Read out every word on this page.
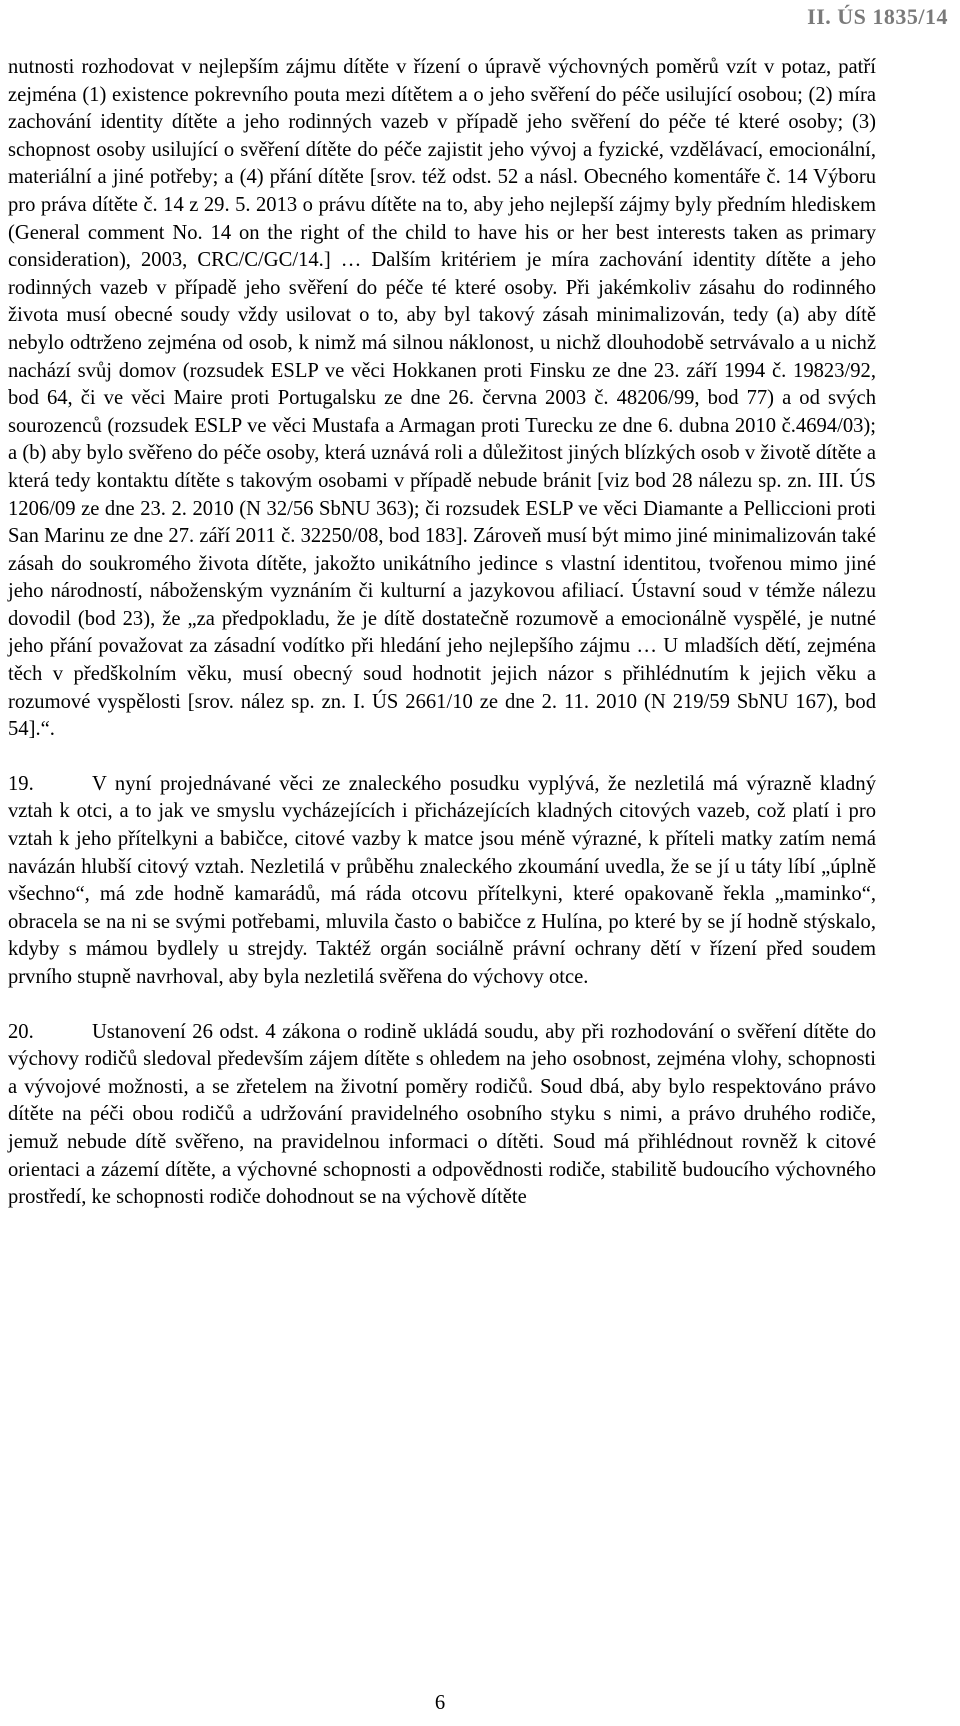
II. ÚS 1835/14

nutnosti rozhodovat v nejlepším zájmu dítěte v řízení o úpravě výchovných poměrů vzít v potaz, patří zejména (1) existence pokrevního pouta mezi dítětem a o jeho svěření do péče usilující osobou; (2) míra zachování identity dítěte a jeho rodinných vazeb v případě jeho svěření do péče té které osoby; (3) schopnost osoby usilující o svěření dítěte do péče zajistit jeho vývoj a fyzické, vzdělávací, emocionální, materiální a jiné potřeby; a (4) přání dítěte [srov. též odst. 52 a násl. Obecného komentáře č. 14 Výboru pro práva dítěte č. 14 z 29. 5. 2013 o právu dítěte na to, aby jeho nejlepší zájmy byly předním hlediskem (General comment No. 14 on the right of the child to have his or her best interests taken as primary consideration), 2003, CRC/C/GC/14.] … Dalším kritériem je míra zachování identity dítěte a jeho rodinných vazeb v případě jeho svěření do péče té které osoby. Při jakémkoliv zásahu do rodinného života musí obecné soudy vždy usilovat o to, aby byl takový zásah minimalizován, tedy (a) aby dítě nebylo odtrženo zejména od osob, k nimž má silnou náklonost, u nichž dlouhodobě setrvávalo a u nichž nachází svůj domov (rozsudek ESLP ve věci Hokkanen proti Finsku ze dne 23. září 1994 č. 19823/92, bod 64, či ve věci Maire proti Portugalsku ze dne 26. června 2003 č. 48206/99, bod 77) a od svých sourozenců (rozsudek ESLP ve věci Mustafa a Armagan proti Turecku ze dne 6. dubna 2010 č.4694/03); a (b) aby bylo svěřeno do péče osoby, která uznává roli a důležitost jiných blízkých osob v životě dítěte a která tedy kontaktu dítěte s takovým osobami v případě nebude bránit [viz bod 28 nálezu sp. zn. III. ÚS 1206/09 ze dne 23. 2. 2010 (N 32/56 SbNU 363); či rozsudek ESLP ve věci Diamante a Pelliccioni proti San Marinu ze dne 27. září 2011 č. 32250/08, bod 183]. Zároveň musí být mimo jiné minimalizován také zásah do soukromého života dítěte, jakožto unikátního jedince s vlastní identitou, tvořenou mimo jiné jeho národností, náboženským vyznáním či kulturní a jazykovou afiliací. Ústavní soud v témže nálezu dovodil (bod 23), že „za předpokladu, že je dítě dostatečně rozumově a emocionálně vyspělé, je nutné jeho přání považovat za zásadní vodítko při hledání jeho nejlepšího zájmu … U mladších dětí, zejména těch v předškolním věku, musí obecný soud hodnotit jejich názor s přihlédnutím k jejich věku a rozumové vyspělosti [srov. nález sp. zn. I. ÚS 2661/10 ze dne 2. 11. 2010 (N 219/59 SbNU 167), bod 54].“.

19.	V nyní projednávané věci ze znaleckého posudku vyplývá, že nezletilá má výrazně kladný vztah k otci, a to jak ve smyslu vycházejících i přicházejících kladných citových vazeb, což platí i pro vztah k jeho přítelkyni a babičce, citové vazby k matce jsou méně výrazné, k příteli matky zatím nemá navázán hlubší citový vztah. Nezletilá v průběhu znaleckého zkoumání uvedla, že se jí u táty líbí „úplně všechno“, má zde hodně kamarádů, má ráda otcovu přítelkyni, které opakovaně řekla „maminko“, obracela se na ni se svými potřebami, mluvila často o babičce z Hulína, po které by se jí hodně stýskalo, kdyby s mámou bydlely u strejdy. Taktéž orgán sociálně právní ochrany dětí v řízení před soudem prvního stupně navrhoval, aby byla nezletilá svěřena do výchovy otce.

20.	Ustanovení 26 odst. 4 zákona o rodině ukládá soudu, aby při rozhodování o svěření dítěte do výchovy rodičů sledoval především zájem dítěte s ohledem na jeho osobnost, zejména vlohy, schopnosti a vývojové možnosti, a se zřetelem na životní poměry rodičů. Soud dbá, aby bylo respektováno právo dítěte na péči obou rodičů a udržování pravidelného osobního styku s nimi, a právo druhého rodiče, jemuž nebude dítě svěřeno, na pravidelnou informaci o dítěti. Soud má přihlédnout rovněž k citové orientaci a zázemí dítěte, a výchovné schopnosti a odpovědnosti rodiče, stabilitě budoucího výchovného prostředí, ke schopnosti rodiče dohodnout se na výchově dítěte

6
